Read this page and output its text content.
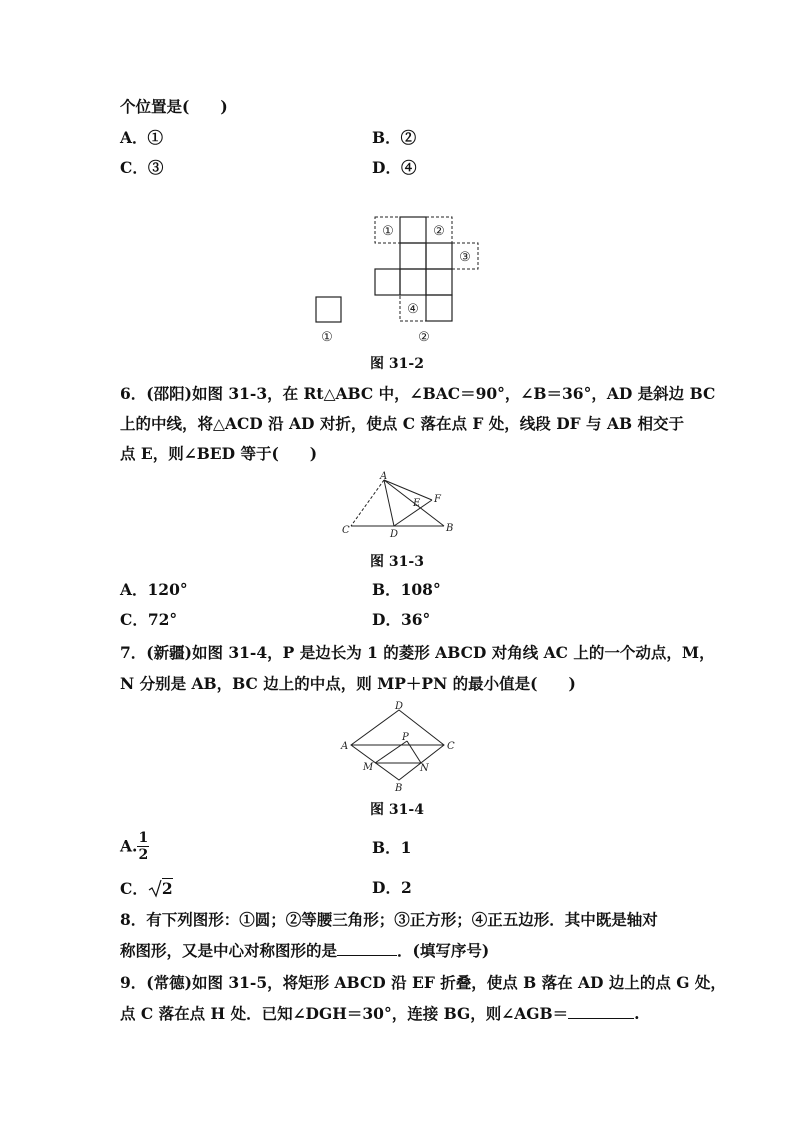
个位置是(　　)
A．①	B．②
C．③	D．④
①	②
③
④
①	②
图 31-2
6．(邵阳)如图 31-3，在 Rt△ABC 中，∠BAC＝90°，∠B＝36°，AD 是斜边 BC
上的中线，将△ACD 沿 AD 对折，使点 C 落在点 F 处，线段 DF 与 AB 相交于
点 E，则∠BED 等于(　　)
A
F
E
C	D
B
图 31-3
A．120°	B．108°
C．72°	D．36°
7．(新疆)如图 31-4，P 是边长为 1 的菱形 ABCD 对角线 AC 上的一个动点，M，
N 分别是 AB，BC 边上的中点，则 MP＋PN 的最小值是(　　)
D
A
P
C
M	N
B
图 31-4
A. $\frac{1}{2}$	B．1
C． 2	D．2
8．有下列图形：①圆；②等腰三角形；③正方形；④正五边形．其中既是轴对
称图形，又是中心对称图形的是	．(填写序号)
9．(常德)如图 31-5，将矩形 ABCD 沿 EF 折叠，使点 B 落在 AD 边上的点 G 处，
点 C 落在点 H 处．已知∠DGH＝30°，连接 BG，则∠AGB＝	.
